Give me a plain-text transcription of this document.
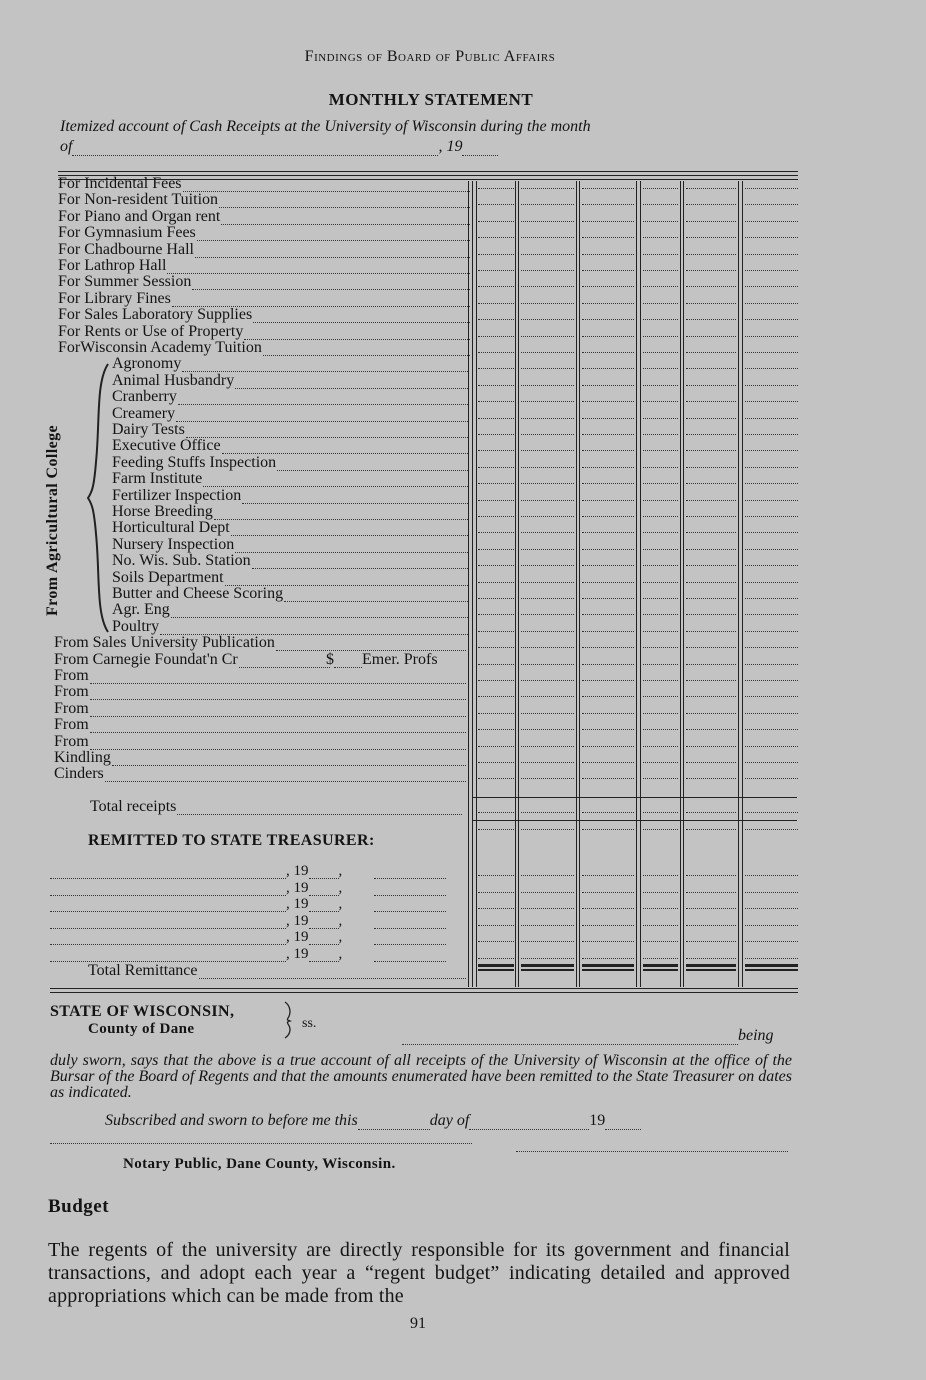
Findings of Board of Public Affairs
MONTHLY STATEMENT
Itemized account of Cash Receipts at the University of Wisconsin during the month
of	, 19
For Incidental Fees
For Non-resident Tuition
For Piano and Organ rent
For Gymnasium Fees
For Chadbourne Hall
For Lathrop Hall
For Summer Session
For Library Fines
For Sales Laboratory Supplies
For Rents or Use of Property
ForWisconsin Academy Tuition
Agronomy
Animal Husbandry
Cranberry
Creamery
Dairy Tests
Executive Office
Feeding Stuffs Inspection
Farm Institute
Fertilizer Inspection
Horse Breeding
Horticultural Dept
Nursery Inspection
No. Wis. Sub. Station
Soils Department
Butter and Cheese Scoring
Agr. Eng
Poultry
From Sales University Publication
From Carnegie Foundat'n Cr	$ Emer. Profs
From
From
From
From
From
Kindling
Cinders
From Agricultural College
Total receipts
REMITTED TO STATE TREASURER:
, 19 ,
, 19 ,
, 19 ,
, 19 ,
, 19 ,
, 19 ,
Total Remittance
STATE OF WISCONSIN,
County of Dane	ss.
being
duly sworn, says that the above is a true account of all receipts of the University of Wisconsin at the office of the Bursar of the Board of Regents and that the amounts enumerated have been remitted to the State Treasurer on dates as indicated.
Subscribed and sworn to before me this	day of	19
Notary Public, Dane County, Wisconsin.
Budget
The regents of the university are directly responsible for its government and financial transactions, and adopt each year a “regent budget” indicating detailed and approved appropriations which can be made from the
91
